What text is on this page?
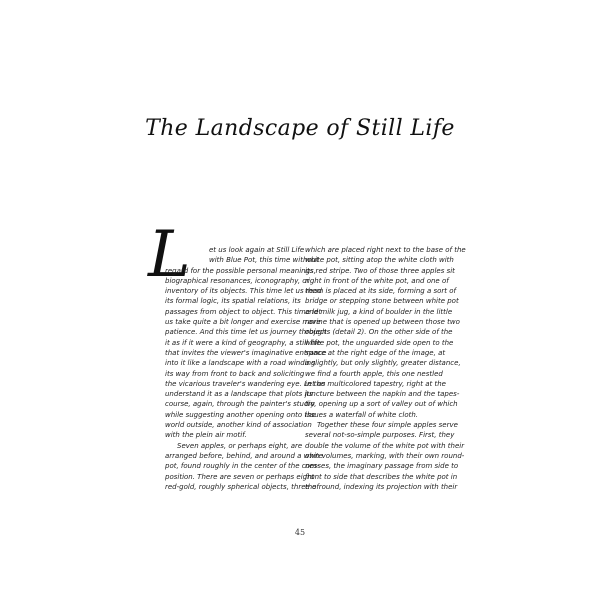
The Landscape of Still Life
L	et us look again at Still Life
with Blue Pot, this time without
regard for the possible personal meanings,
biographical resonances, iconography, or
inventory of its objects. This time let us read
its formal logic, its spatial relations, its
passages from object to object. This time let
us take quite a bit longer and exercise more
patience. And this time let us journey through
it as if it were a kind of geography, a still life
that invites the viewer's imaginative entrance
into it like a landscape with a road winding
its way from front to back and soliciting
the vicarious traveler's wandering eye. Let us
understand it as a landscape that plots its
course, again, through the painter's studio
while suggesting another opening onto the
world outside, another kind of association
with the plein air motif.
Seven apples, or perhaps eight, are
arranged before, behind, and around a white
pot, found roughly in the center of the com-
position. There are seven or perhaps eight
red-gold, roughly spherical objects, three of
which are placed right next to the base of the
white pot, sitting atop the white cloth with
its red stripe. Two of those three apples sit
right in front of the white pot, and one of
them is placed at its side, forming a sort of
bridge or stepping stone between white pot
and milk jug, a kind of boulder in the little
ravine that is opened up between those two
objects (detail 2). On the other side of the
white pot, the unguarded side open to the
space at the right edge of the image, at
a slightly, but only slightly, greater distance,
we find a fourth apple, this one nestled
in the multicolored tapestry, right at the
juncture between the napkin and the tapes-
try, opening up a sort of valley out of which
issues a waterfall of white cloth.
Together these four simple apples serve
several not-so-simple purposes. First, they
double the volume of the white pot with their
own volumes, marking, with their own round-
nesses, the imaginary passage from side to
front to side that describes the white pot in
the round, indexing its projection with their
45
